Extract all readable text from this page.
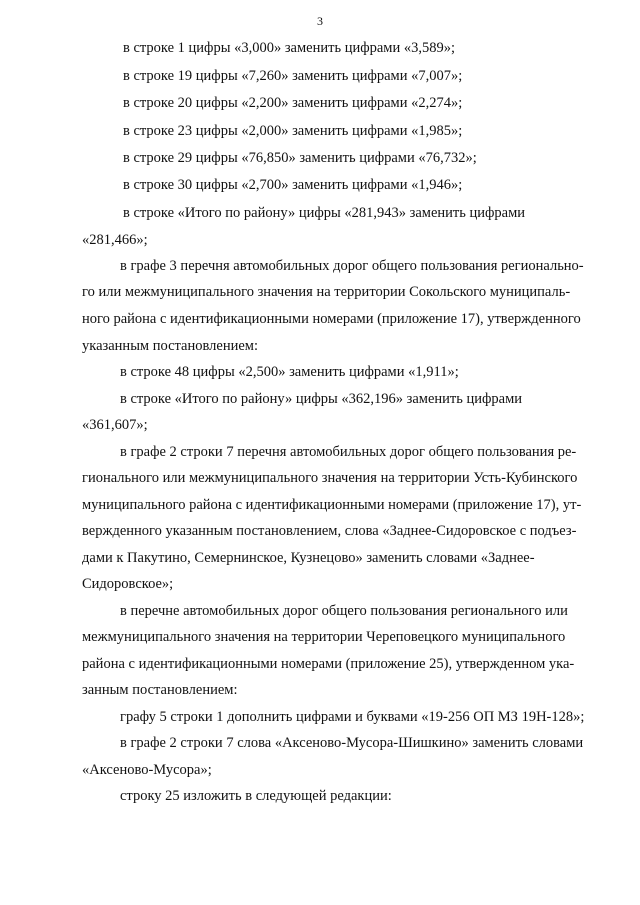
3
в строке 1 цифры «3,000» заменить цифрами «3,589»;
в строке 19 цифры «7,260» заменить цифрами «7,007»;
в строке 20 цифры «2,200» заменить цифрами «2,274»;
в строке 23 цифры «2,000» заменить цифрами «1,985»;
в строке 29 цифры «76,850» заменить цифрами «76,732»;
в строке 30 цифры «2,700» заменить цифрами «1,946»;
в строке «Итого по району» цифры «281,943» заменить цифрами
«281,466»;
в графе 3 перечня автомобильных дорог общего пользования регионально-
го или межмуниципального значения на территории Сокольского муниципаль-
ного района с идентификационными номерами (приложение 17), утвержденного
указанным постановлением:
в строке 48 цифры «2,500» заменить цифрами «1,911»;
в строке «Итого по району» цифры «362,196» заменить цифрами
«361,607»;
в графе 2 строки 7 перечня автомобильных дорог общего пользования ре-
гионального или межмуниципального значения на территории Усть-Кубинского
муниципального района с идентификационными номерами (приложение 17), ут-
вержденного указанным постановлением, слова «Заднее-Сидоровское с подъез-
дами к Пакутино, Семернинское, Кузнецово» заменить словами «Заднее-
Сидоровское»;
в перечне автомобильных дорог общего пользования регионального или
межмуниципального значения на территории Череповецкого муниципального
района с идентификационными номерами (приложение 25), утвержденном ука-
занным постановлением:
графу 5 строки 1 дополнить цифрами и буквами «19-256 ОП МЗ 19Н-128»;
в графе 2 строки 7 слова «Аксеново-Мусора-Шишкино» заменить словами
«Аксеново-Мусора»;
строку 25 изложить в следующей редакции:
